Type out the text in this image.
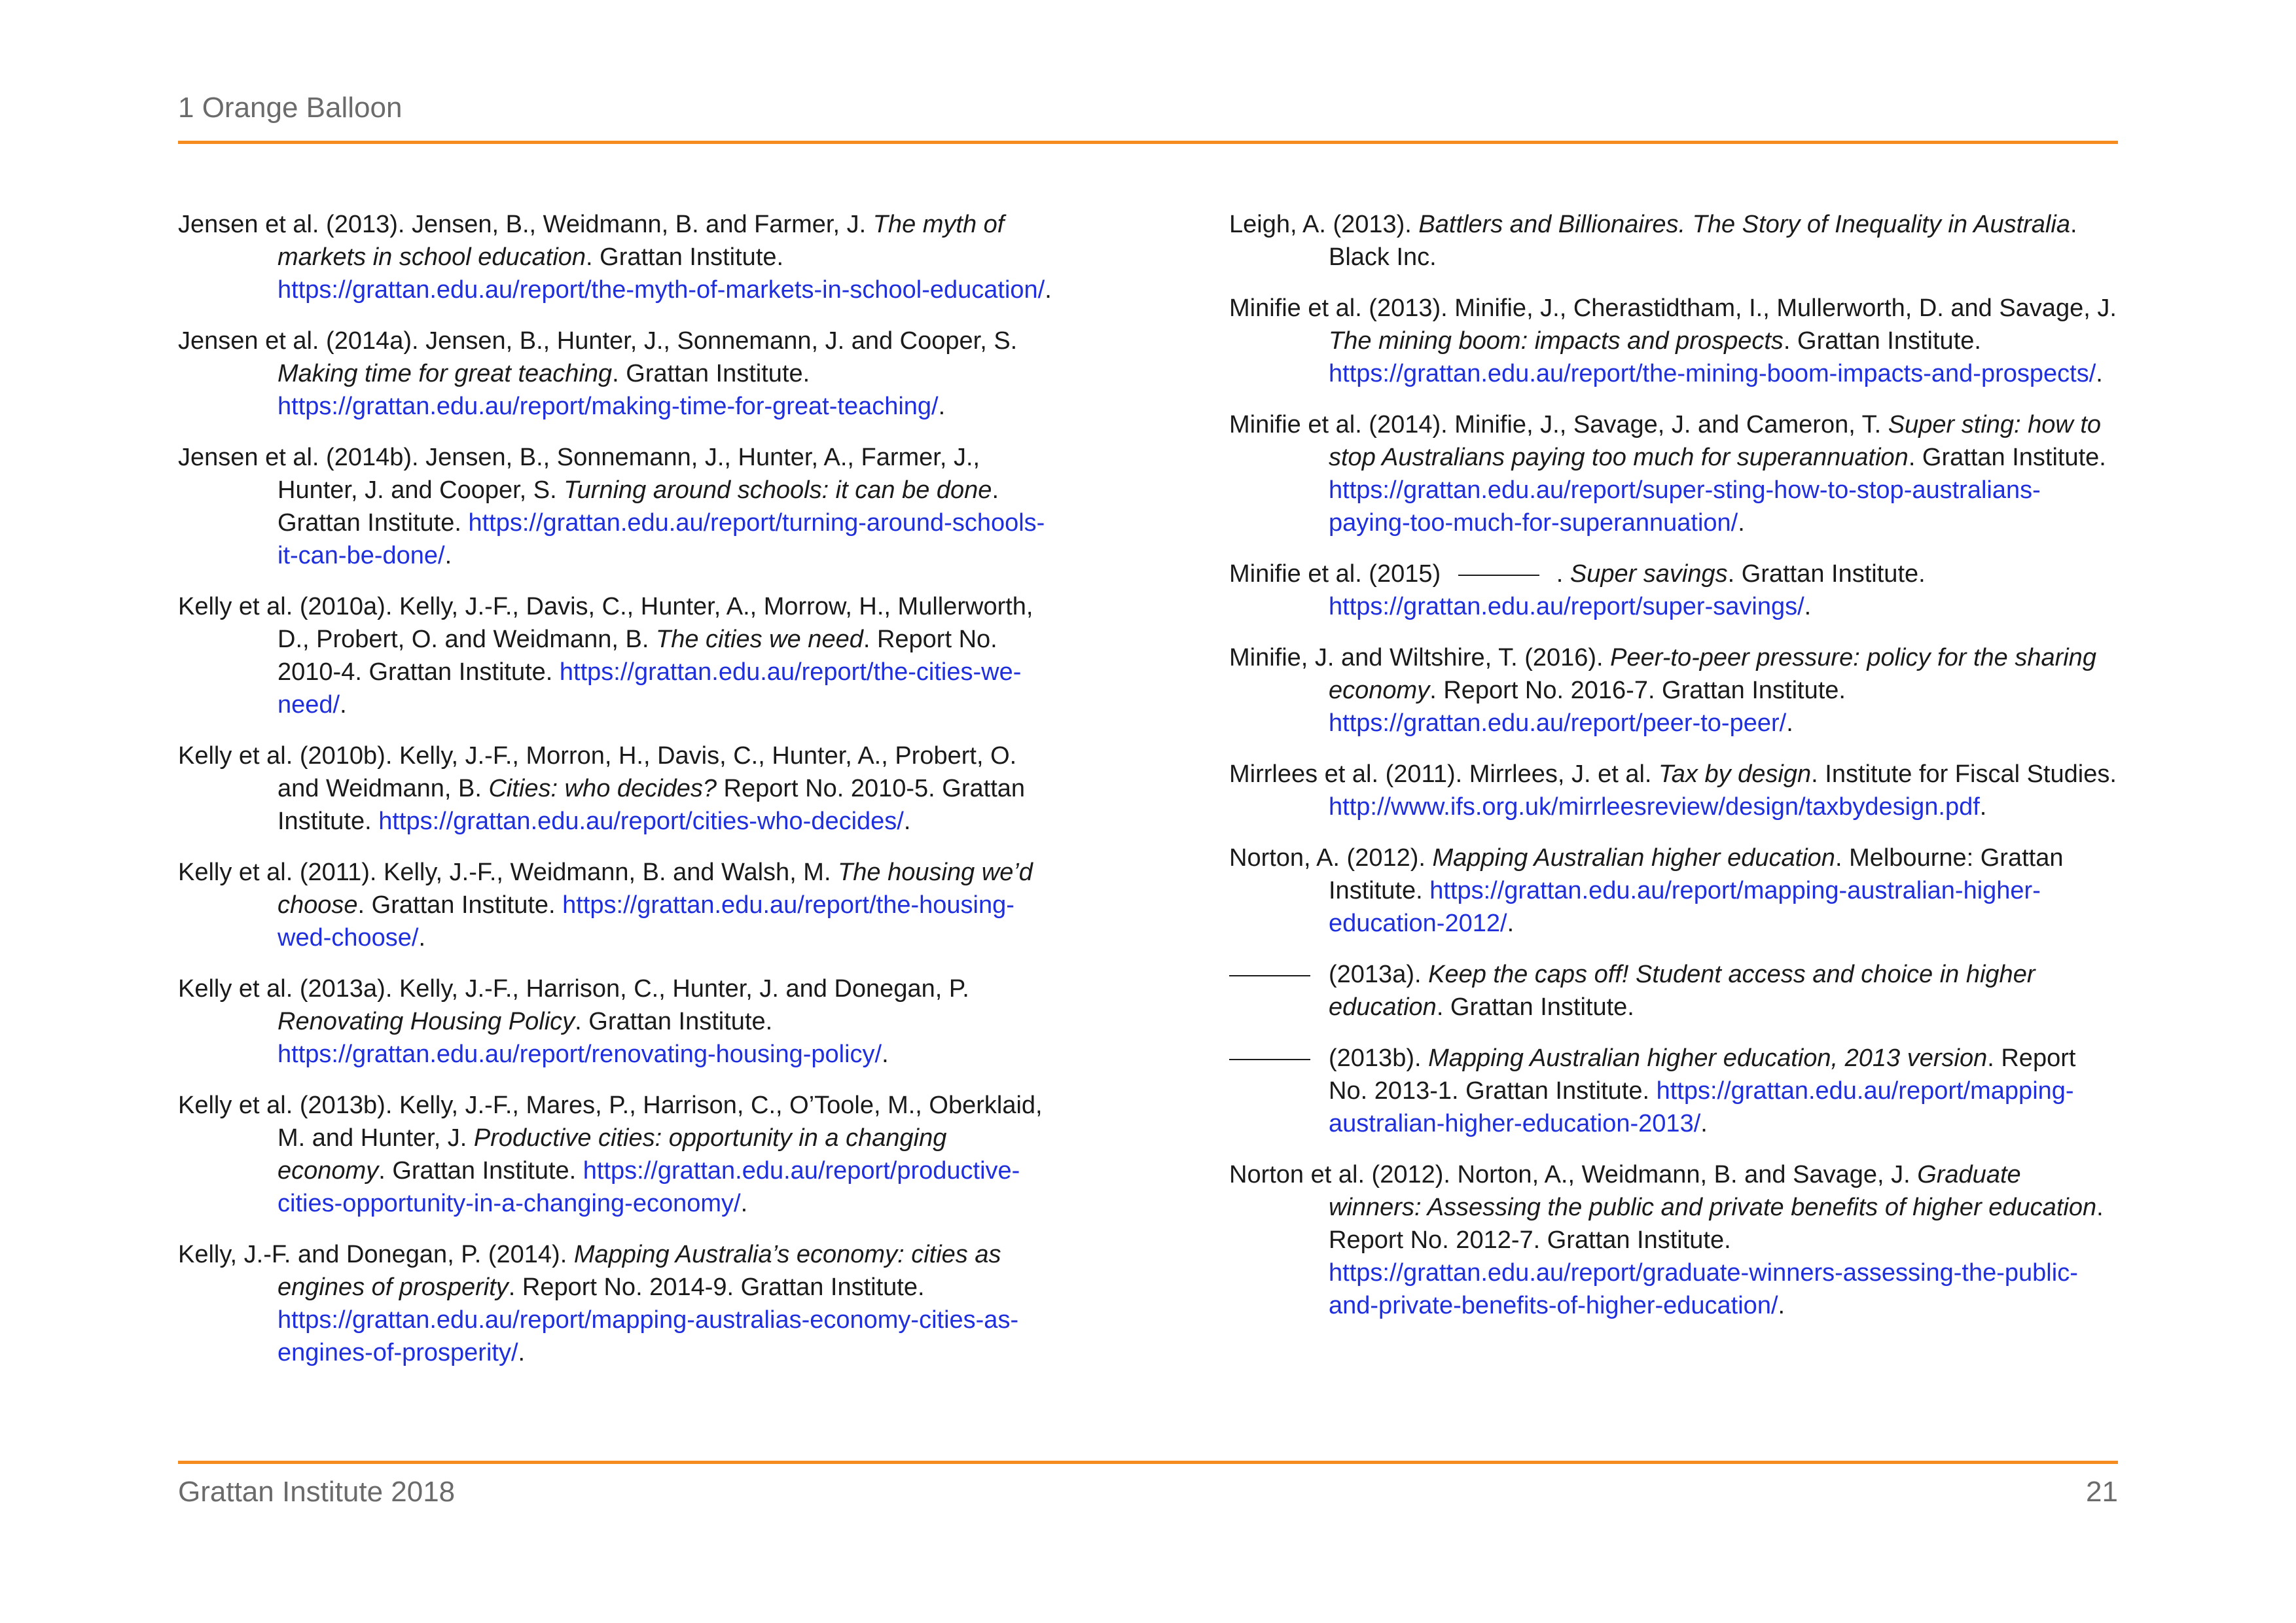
1 Orange Balloon

Jensen et al. (2013). Jensen, B., Weidmann, B. and Farmer, J. The myth of markets in school education. Grattan Institute. https://grattan.edu.au/report/the-myth-of-markets-in-school-education/.

Jensen et al. (2014a). Jensen, B., Hunter, J., Sonnemann, J. and Cooper, S. Making time for great teaching. Grattan Institute. https://grattan.edu.au/report/making-time-for-great-teaching/.

Jensen et al. (2014b). Jensen, B., Sonnemann, J., Hunter, A., Farmer, J., Hunter, J. and Cooper, S. Turning around schools: it can be done. Grattan Institute. https://grattan.edu.au/report/turning-around-schools-it-can-be-done/.

Kelly et al. (2010a). Kelly, J.-F., Davis, C., Hunter, A., Morrow, H., Mullerworth, D., Probert, O. and Weidmann, B. The cities we need. Report No. 2010-4. Grattan Institute. https://grattan.edu.au/report/the-cities-we-need/.

Kelly et al. (2010b). Kelly, J.-F., Morron, H., Davis, C., Hunter, A., Probert, O. and Weidmann, B. Cities: who decides? Report No. 2010-5. Grattan Institute. https://grattan.edu.au/report/cities-who-decides/.

Kelly et al. (2011). Kelly, J.-F., Weidmann, B. and Walsh, M. The housing we’d choose. Grattan Institute. https://grattan.edu.au/report/the-housing-wed-choose/.

Kelly et al. (2013a). Kelly, J.-F., Harrison, C., Hunter, J. and Donegan, P. Renovating Housing Policy. Grattan Institute. https://grattan.edu.au/report/renovating-housing-policy/.

Kelly et al. (2013b). Kelly, J.-F., Mares, P., Harrison, C., O’Toole, M., Oberklaid, M. and Hunter, J. Productive cities: opportunity in a changing economy. Grattan Institute. https://grattan.edu.au/report/productive-cities-opportunity-in-a-changing-economy/.

Kelly, J.-F. and Donegan, P. (2014). Mapping Australia’s economy: cities as engines of prosperity. Report No. 2014-9. Grattan Institute. https://grattan.edu.au/report/mapping-australias-economy-cities-as-engines-of-prosperity/.

Leigh, A. (2013). Battlers and Billionaires. The Story of Inequality in Australia. Black Inc.

Minifie et al. (2013). Minifie, J., Cherastidtham, I., Mullerworth, D. and Savage, J. The mining boom: impacts and prospects. Grattan Institute. https://grattan.edu.au/report/the-mining-boom-impacts-and-prospects/.

Minifie et al. (2014). Minifie, J., Savage, J. and Cameron, T. Super sting: how to stop Australians paying too much for superannuation. Grattan Institute. https://grattan.edu.au/report/super-sting-how-to-stop-australians-paying-too-much-for-superannuation/.

Minifie et al. (2015)	. Super savings. Grattan Institute. https://grattan.edu.au/report/super-savings/.

Minifie, J. and Wiltshire, T. (2016). Peer-to-peer pressure: policy for the sharing economy. Report No. 2016-7. Grattan Institute. https://grattan.edu.au/report/peer-to-peer/.

Mirrlees et al. (2011). Mirrlees, J. et al. Tax by design. Institute for Fiscal Studies. http://www.ifs.org.uk/mirrleesreview/design/taxbydesign.pdf.

Norton, A. (2012). Mapping Australian higher education. Melbourne: Grattan Institute. https://grattan.edu.au/report/mapping-australian-higher-education-2012/.

(2013a). Keep the caps off! Student access and choice in higher education. Grattan Institute.

(2013b). Mapping Australian higher education, 2013 version. Report No. 2013-1. Grattan Institute. https://grattan.edu.au/report/mapping-australian-higher-education-2013/.

Norton et al. (2012). Norton, A., Weidmann, B. and Savage, J. Graduate winners: Assessing the public and private benefits of higher education. Report No. 2012-7. Grattan Institute. https://grattan.edu.au/report/graduate-winners-assessing-the-public-and-private-benefits-of-higher-education/.

Grattan Institute 2018	21
